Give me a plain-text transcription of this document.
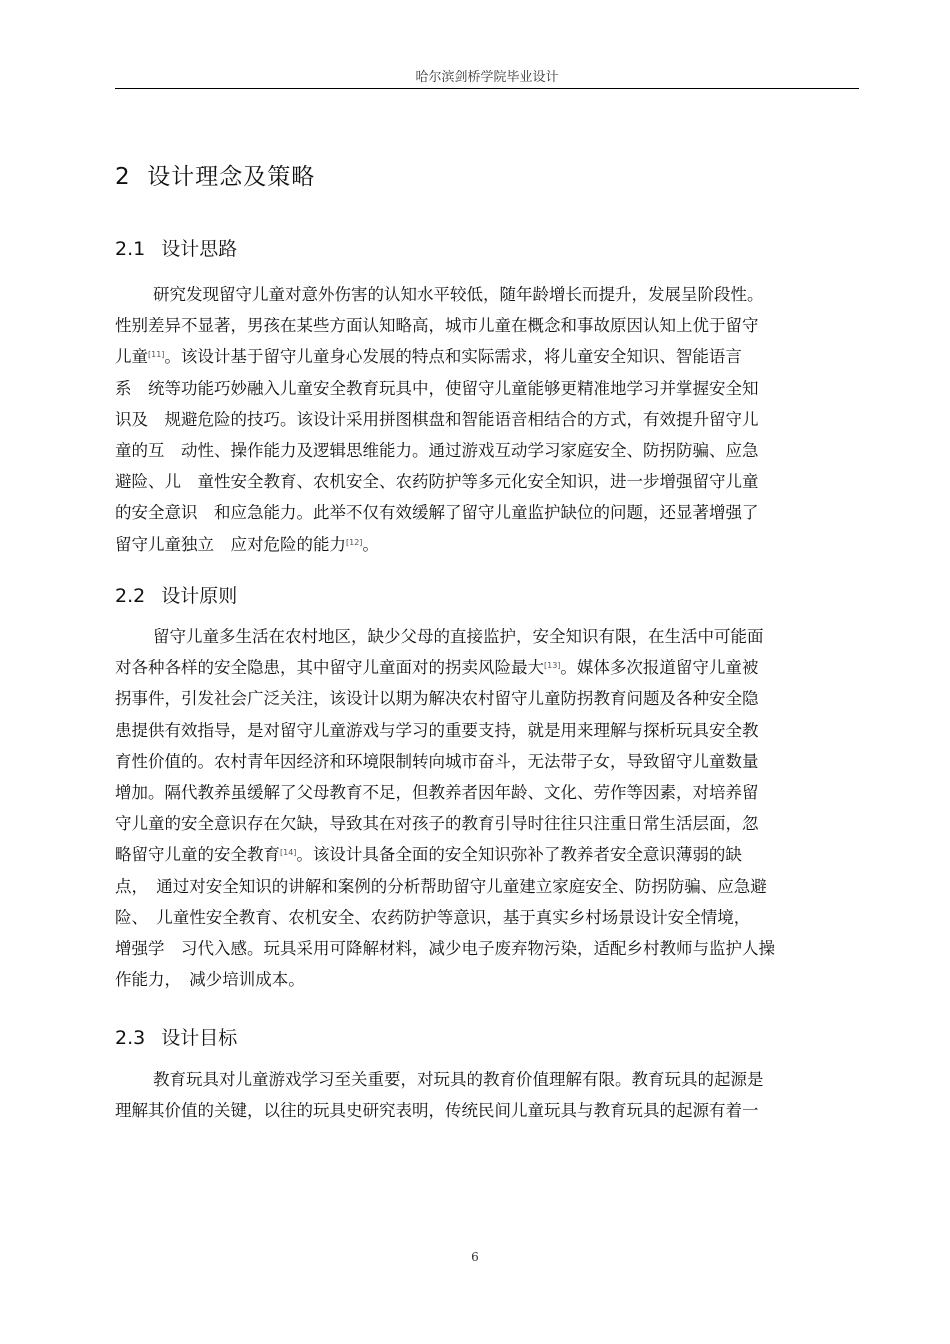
哈尔滨剑桥学院毕业设计
2 设计理念及策略
2.1 设计思路
研究发现留守儿童对意外伤害的认知水平较低，随年龄增长而提升，发展呈阶段性。
性别差异不显著，男孩在某些方面认知略高，城市儿童在概念和事故原因认知上优于留守
儿童[11]。该设计基于留守儿童身心发展的特点和实际需求，将儿童安全知识、智能语言
系　统等功能巧妙融入儿童安全教育玩具中，使留守儿童能够更精准地学习并掌握安全知
识及　规避危险的技巧。该设计采用拼图棋盘和智能语音相结合的方式，有效提升留守儿
童的互　动性、操作能力及逻辑思维能力。通过游戏互动学习家庭安全、防拐防骗、应急
避险、儿　童性安全教育、农机安全、农药防护等多元化安全知识，进一步增强留守儿童
的安全意识　和应急能力。此举不仅有效缓解了留守儿童监护缺位的问题，还显著增强了
留守儿童独立　应对危险的能力[12]。
2.2 设计原则
留守儿童多生活在农村地区，缺少父母的直接监护，安全知识有限，在生活中可能面
对各种各样的安全隐患，其中留守儿童面对的拐卖风险最大[13]。媒体多次报道留守儿童被
拐事件，引发社会广泛关注，该设计以期为解决农村留守儿童防拐教育问题及各种安全隐
患提供有效指导，是对留守儿童游戏与学习的重要支持，就是用来理解与探析玩具安全教
育性价值的。农村青年因经济和环境限制转向城市奋斗，无法带子女，导致留守儿童数量
增加。隔代教养虽缓解了父母教育不足，但教养者因年龄、文化、劳作等因素，对培养留
守儿童的安全意识存在欠缺，导致其在对孩子的教育引导时往往只注重日常生活层面，忽
略留守儿童的安全教育[14]。该设计具备全面的安全知识弥补了教养者安全意识薄弱的缺
点，　通过对安全知识的讲解和案例的分析帮助留守儿童建立家庭安全、防拐防骗、应急避
险、　儿童性安全教育、农机安全、农药防护等意识，基于真实乡村场景设计安全情境，
增强学　习代入感。玩具采用可降解材料，减少电子废弃物污染，适配乡村教师与监护人操
作能力，　减少培训成本。
2.3 设计目标
教育玩具对儿童游戏学习至关重要，对玩具的教育价值理解有限。教育玩具的起源是
理解其价值的关键，以往的玩具史研究表明，传统民间儿童玩具与教育玩具的起源有着一
6
